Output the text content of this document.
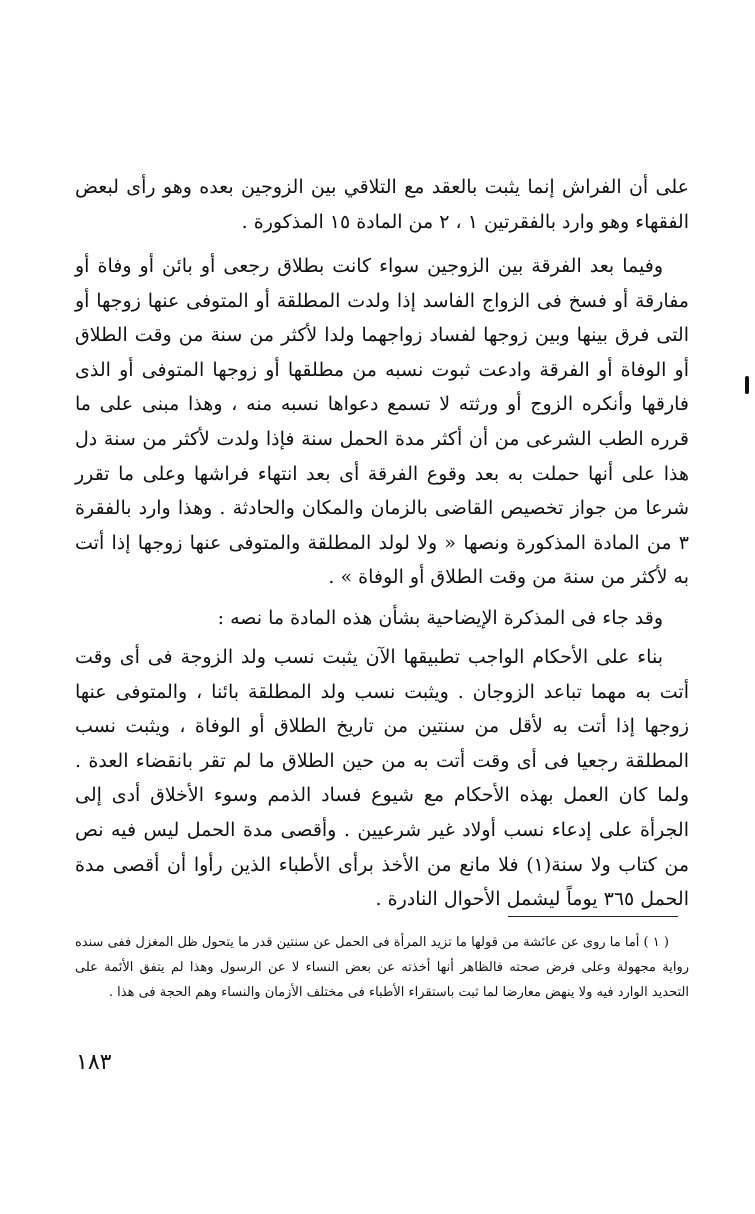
على أن الفراش إنما يثبت بالعقد مع التلاقي بين الزوجين بعده وهو رأى لبعض الفقهاء وهو وارد بالفقرتين ١ ، ٢ من المادة ١٥ المذكورة .

وفيما بعد الفرقة بين الزوجين سواء كانت بطلاق رجعى أو بائن أو وفاة أو مفارقة أو فسخ فى الزواج الفاسد إذا ولدت المطلقة أو المتوفى عنها زوجها أو التى فرق بينها وبين زوجها لفساد زواجهما ولدا لأكثر من سنة من وقت الطلاق أو الوفاة أو الفرقة وادعت ثبوت نسبه من مطلقها أو زوجها المتوفى أو الذى فارقها وأنكره الزوج أو ورثته لا تسمع دعواها نسبه منه ، وهذا مبنى على ما قرره الطب الشرعى من أن أكثر مدة الحمل سنة فإذا ولدت لأكثر من سنة دل هذا على أنها حملت به بعد وقوع الفرقة أى بعد انتهاء فراشها وعلى ما تقرر شرعا من جواز تخصيص القاضى بالزمان والمكان والحادثة . وهذا وارد بالفقرة ٣ من المادة المذكورة ونصها « ولا لولد المطلقة والمتوفى عنها زوجها إذا أتت به لأكثر من سنة من وقت الطلاق أو الوفاة » .

وقد جاء فى المذكرة الإيضاحية بشأن هذه المادة ما نصه :

بناء على الأحكام الواجب تطبيقها الآن يثبت نسب ولد الزوجة فى أى وقت أتت به مهما تباعد الزوجان . ويثبت نسب ولد المطلقة بائنا ، والمتوفى عنها زوجها إذا أتت به لأقل من سنتين من تاريخ الطلاق أو الوفاة ، ويثبت نسب المطلقة رجعيا فى أى وقت أتت به من حين الطلاق ما لم تقر بانقضاء العدة . ولما كان العمل بهذه الأحكام مع شيوع فساد الذمم وسوء الأخلاق أدى إلى الجرأة على إدعاء نسب أولاد غير شرعيين . وأقصى مدة الحمل ليس فيه نص من كتاب ولا سنة(١) فلا مانع من الأخذ برأى الأطباء الذين رأوا أن أقصى مدة الحمل ٣٦٥ يوماً ليشمل الأحوال النادرة .

( ١ ) أما ما روى عن عائشة من قولها ما تزيد المرأة فى الحمل عن سنتين قدر ما يتحول ظل المغزل ففى سنده رواية مجهولة وعلى فرض صحته فالظاهر أنها أخذته عن بعض النساء لا عن الرسول وهذا لم يتفق الأئمة على التحديد الوارد فيه ولا ينهض معارضا لما ثبت باستقراء الأطباء فى مختلف الأزمان والنساء وهم الحجة فى هذا .

١٨٣
